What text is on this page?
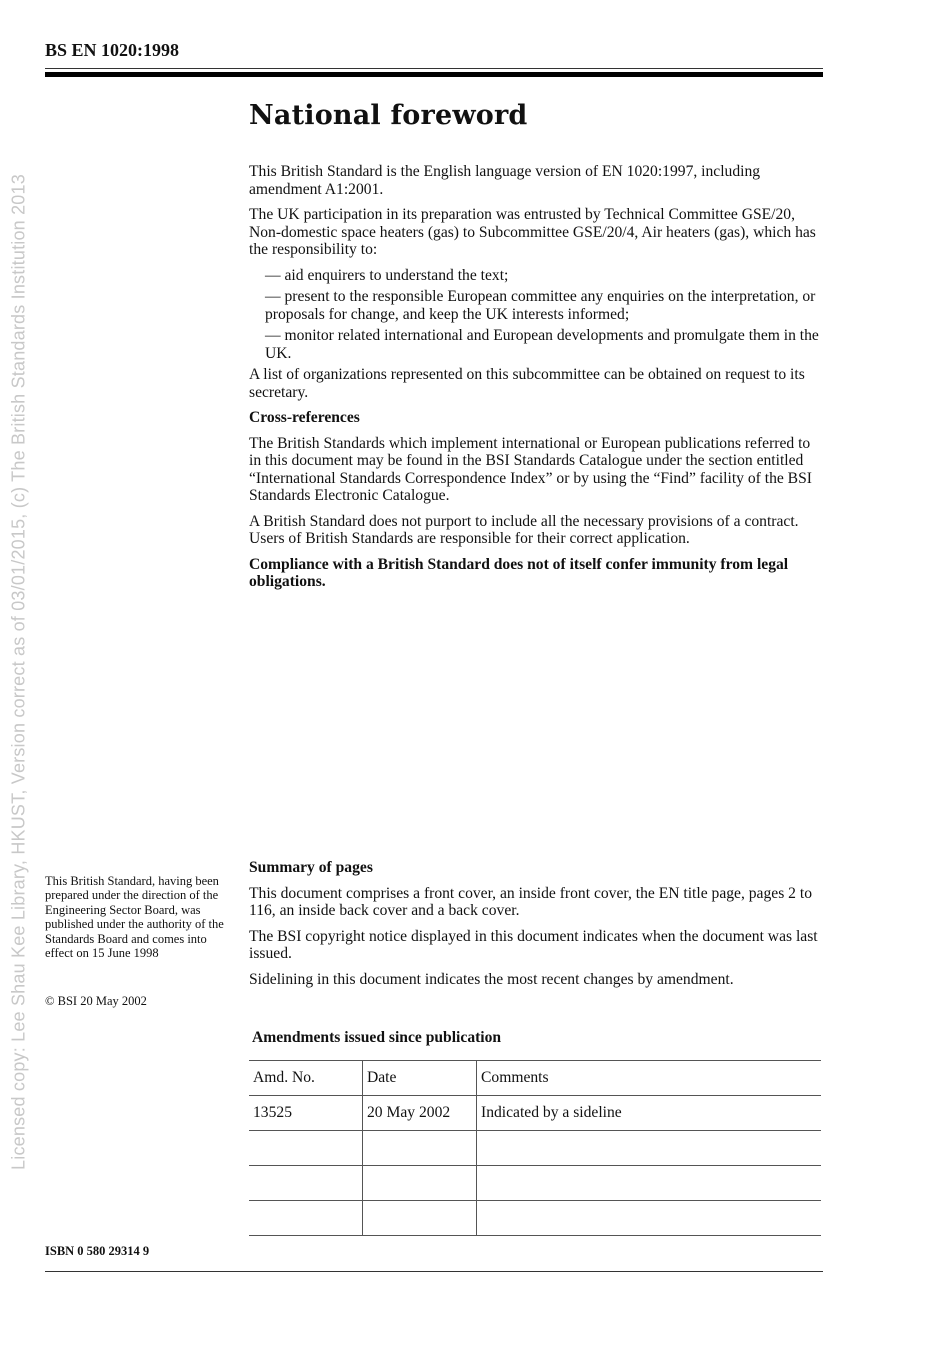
BS EN 1020:1998
Licensed copy: Lee Shau Kee Library, HKUST, Version correct as of 03/01/2015, (c) The British Standards Institution 2013
National foreword

This British Standard is the English language version of EN 1020:1997, including amendment A1:2001.

The UK participation in its preparation was entrusted by Technical Committee GSE/20, Non-domestic space heaters (gas) to Subcommittee GSE/20/4, Air heaters (gas), which has the responsibility to:

— aid enquirers to understand the text;

— present to the responsible European committee any enquiries on the interpretation, or proposals for change, and keep the UK interests informed;

— monitor related international and European developments and promulgate them in the UK.

A list of organizations represented on this subcommittee can be obtained on request to its secretary.

Cross-references

The British Standards which implement international or European publications referred to in this document may be found in the BSI Standards Catalogue under the section entitled “International Standards Correspondence Index” or by using the “Find” facility of the BSI Standards Electronic Catalogue.

A British Standard does not purport to include all the necessary provisions of a contract. Users of British Standards are responsible for their correct application.

Compliance with a British Standard does not of itself confer immunity from legal obligations.

Summary of pages

This document comprises a front cover, an inside front cover, the EN title page, pages 2 to 116, an inside back cover and a back cover.

The BSI copyright notice displayed in this document indicates when the document was last issued.

Sidelining in this document indicates the most recent changes by amendment.

This British Standard, having been prepared under the direction of the Engineering Sector Board, was published under the authority of the Standards Board and comes into effect on 15 June 1998
© BSI 20 May 2002
Amendments issued since publication
Amd. No.	Date	Comments
13525	20 May 2002	Indicated by a sideline

ISBN 0 580 29314 9
